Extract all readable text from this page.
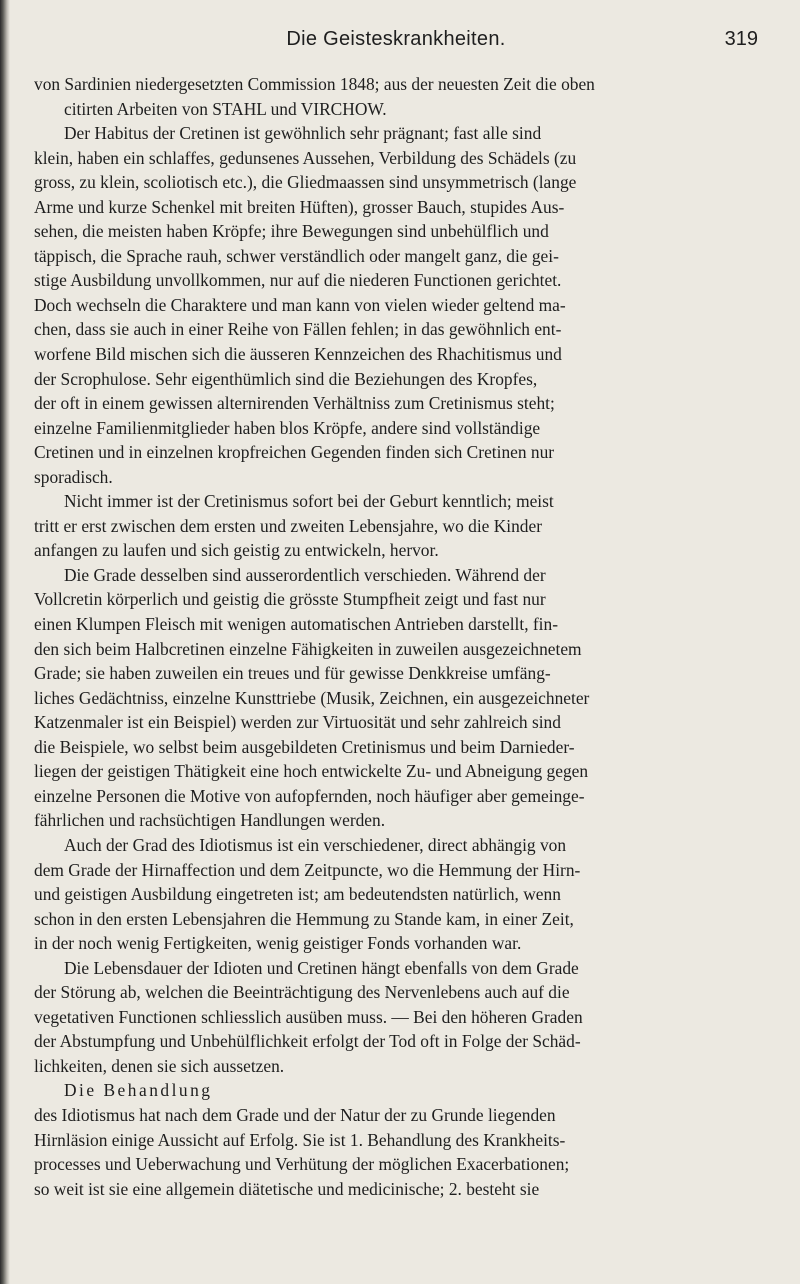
Die Geisteskrankheiten.	319
von Sardinien niedergesetzten Commission 1848; aus der neuesten Zeit die oben
citirten Arbeiten von STAHL und VIRCHOW.
Der Habitus der Cretinen ist gewöhnlich sehr prägnant; fast alle sind
klein, haben ein schlaffes, gedunsenes Aussehen, Verbildung des Schädels (zu
gross, zu klein, scoliotisch etc.), die Gliedmaassen sind unsymmetrisch (lange
Arme und kurze Schenkel mit breiten Hüften), grosser Bauch, stupides Aus-
sehen, die meisten haben Kröpfe; ihre Bewegungen sind unbehülflich und
täppisch, die Sprache rauh, schwer verständlich oder mangelt ganz, die gei-
stige Ausbildung unvollkommen, nur auf die niederen Functionen gerichtet.
Doch wechseln die Charaktere und man kann von vielen wieder geltend ma-
chen, dass sie auch in einer Reihe von Fällen fehlen; in das gewöhnlich ent-
worfene Bild mischen sich die äusseren Kennzeichen des Rhachitismus und
der Scrophulose. Sehr eigenthümlich sind die Beziehungen des Kropfes,
der oft in einem gewissen alternirenden Verhältniss zum Cretinismus steht;
einzelne Familienmitglieder haben blos Kröpfe, andere sind vollständige
Cretinen und in einzelnen kropfreichen Gegenden finden sich Cretinen nur
sporadisch.
Nicht immer ist der Cretinismus sofort bei der Geburt kenntlich; meist
tritt er erst zwischen dem ersten und zweiten Lebensjahre, wo die Kinder
anfangen zu laufen und sich geistig zu entwickeln, hervor.
Die Grade desselben sind ausserordentlich verschieden. Während der
Vollcretin körperlich und geistig die grösste Stumpfheit zeigt und fast nur
einen Klumpen Fleisch mit wenigen automatischen Antrieben darstellt, fin-
den sich beim Halbcretinen einzelne Fähigkeiten in zuweilen ausgezeichnetem
Grade; sie haben zuweilen ein treues und für gewisse Denkkreise umfäng-
liches Gedächtniss, einzelne Kunsttriebe (Musik, Zeichnen, ein ausgezeichneter
Katzenmaler ist ein Beispiel) werden zur Virtuosität und sehr zahlreich sind
die Beispiele, wo selbst beim ausgebildeten Cretinismus und beim Darnieder-
liegen der geistigen Thätigkeit eine hoch entwickelte Zu- und Abneigung gegen
einzelne Personen die Motive von aufopfernden, noch häufiger aber gemeinge-
fährlichen und rachsüchtigen Handlungen werden.
Auch der Grad des Idiotismus ist ein verschiedener, direct abhängig von
dem Grade der Hirnaffection und dem Zeitpuncte, wo die Hemmung der Hirn-
und geistigen Ausbildung eingetreten ist; am bedeutendsten natürlich, wenn
schon in den ersten Lebensjahren die Hemmung zu Stande kam, in einer Zeit,
in der noch wenig Fertigkeiten, wenig geistiger Fonds vorhanden war.
Die Lebensdauer der Idioten und Cretinen hängt ebenfalls von dem Grade
der Störung ab, welchen die Beeinträchtigung des Nervenlebens auch auf die
vegetativen Functionen schliesslich ausüben muss. — Bei den höheren Graden
der Abstumpfung und Unbehülflichkeit erfolgt der Tod oft in Folge der Schäd-
lichkeiten, denen sie sich aussetzen.
Die Behandlung
des Idiotismus hat nach dem Grade und der Natur der zu Grunde liegenden
Hirnläsion einige Aussicht auf Erfolg. Sie ist 1. Behandlung des Krankheits-
processes und Ueberwachung und Verhütung der möglichen Exacerbationen;
so weit ist sie eine allgemein diätetische und medicinische; 2. besteht sie
